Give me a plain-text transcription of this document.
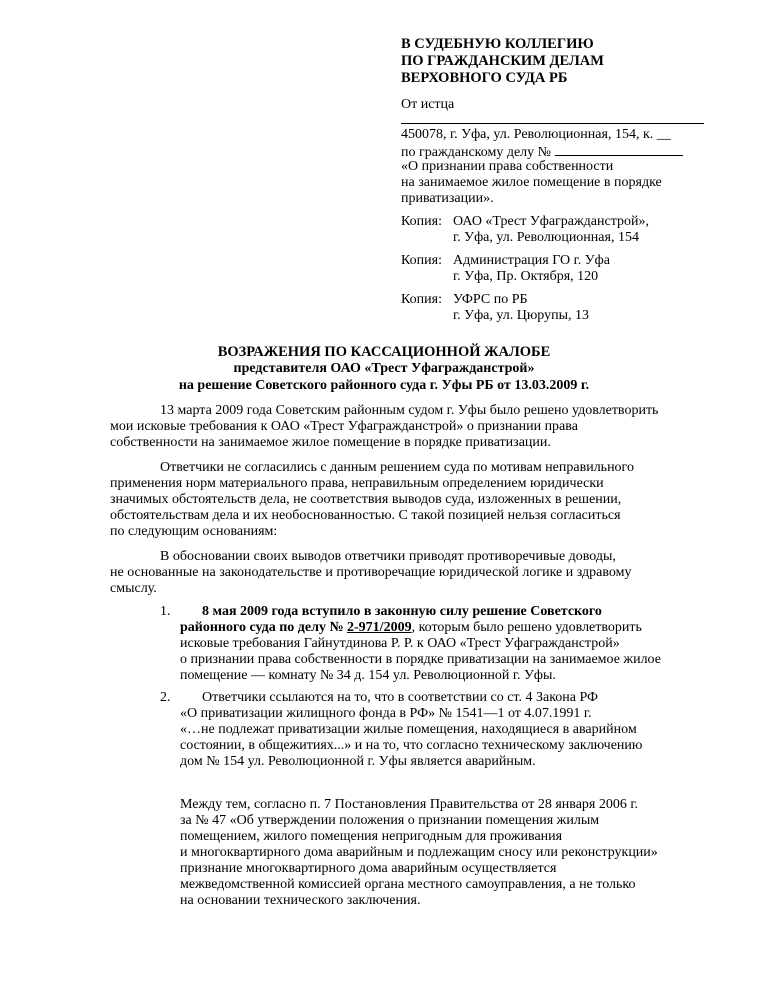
В СУДЕБНУЮ КОЛЛЕГИЮ
ПО ГРАЖДАНСКИМ ДЕЛАМ
ВЕРХОВНОГО СУДА РБ
От истца
450078, г. Уфа, ул. Революционная, 154, к. __
по гражданскому делу №
«О признании права собственности
на занимаемое жилое помещение в порядке
приватизации».
Копия: ОАО «Трест Уфагражданстрой»,
г. Уфа, ул. Революционная, 154
Копия: Администрация ГО г. Уфа
г. Уфа, Пр. Октября, 120
Копия: УФРС по РБ
г. Уфа, ул. Цюрупы, 13
ВОЗРАЖЕНИЯ ПО КАССАЦИОННОЙ ЖАЛОБЕ
представителя ОАО «Трест Уфагражданстрой»
на решение Советского районного суда г. Уфы РБ от 13.03.2009 г.
13 марта 2009 года Советским районным судом г. Уфы было решено удовлетворить
мои исковые требования к ОАО «Трест Уфагражданстрой» о признании права
собственности на занимаемое жилое помещение в порядке приватизации.
Ответчики не согласились с данным решением суда по мотивам неправильного
применения норм материального права, неправильным определением юридически
значимых обстоятельств дела, не соответствия выводов суда, изложенных в решении,
обстоятельствам дела и их необоснованностью. С такой позицией нельзя согласиться
по следующим основаниям:
В обосновании своих выводов ответчики приводят противоречивые доводы,
не основанные на законодательстве и противоречащие юридической логике и здравому
смыслу.
1. 8 мая 2009 года вступило в законную силу решение Советского
районного суда по делу № 2-971/2009, которым было решено удовлетворить
исковые требования Гайнутдинова Р. Р. к ОАО «Трест Уфагражданстрой»
о признании права собственности в порядке приватизации на занимаемое жилое
помещение — комнату № 34 д. 154 ул. Революционной г. Уфы.
2. Ответчики ссылаются на то, что в соответствии со ст. 4 Закона РФ
«О приватизации жилищного фонда в РФ» № 1541—1 от 4.07.1991 г.
«…не подлежат приватизации жилые помещения, находящиеся в аварийном
состоянии, в общежитиях...» и на то, что согласно техническому заключению
дом № 154 ул. Революционной г. Уфы является аварийным.
Между тем, согласно п. 7 Постановления Правительства от 28 января 2006 г.
за № 47 «Об утверждении положения о признании помещения жилым
помещением, жилого помещения непригодным для проживания
и многоквартирного дома аварийным и подлежащим сносу или реконструкции»
признание многоквартирного дома аварийным осуществляется
межведомственной комиссией органа местного самоуправления, а не только
на основании технического заключения.
